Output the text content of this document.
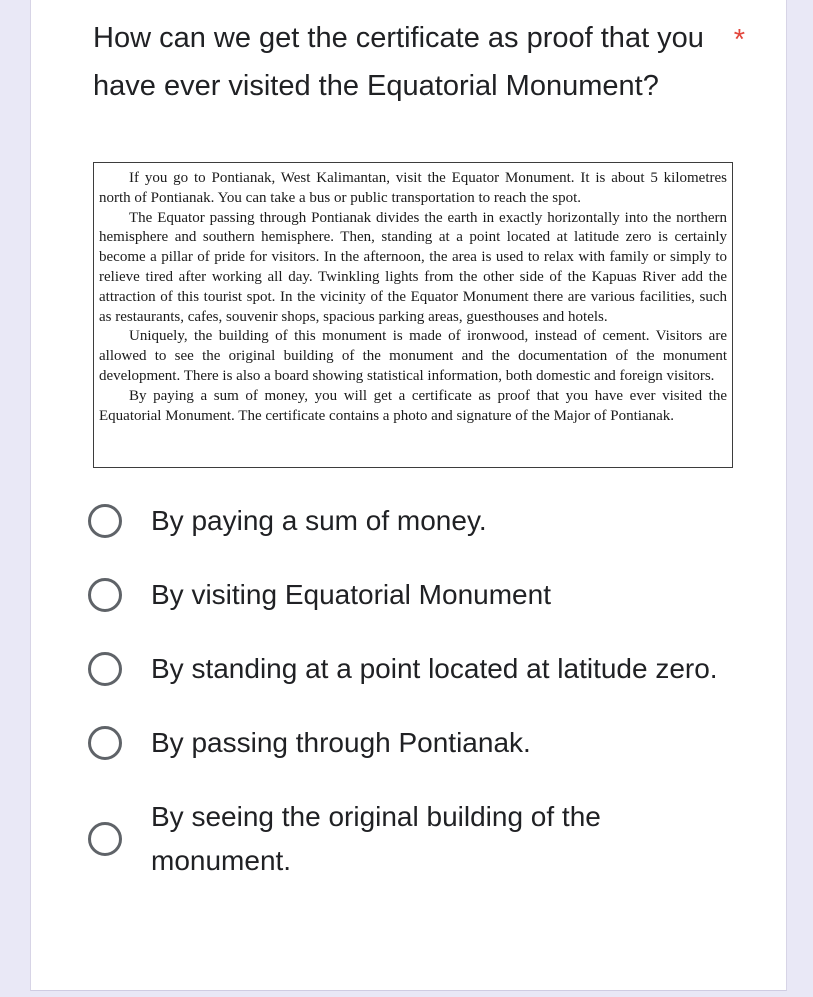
How can we get the certificate as proof that you have ever visited the Equatorial Monument?
*

If you go to Pontianak, West Kalimantan, visit the Equator Monument. It is about 5 kilometres north of Pontianak. You can take a bus or public transportation to reach the spot.

The Equator passing through Pontianak divides the earth in exactly horizontally into the northern hemisphere and southern hemisphere. Then, standing at a point located at latitude zero is certainly become a pillar of pride for visitors. In the afternoon, the area is used to relax with family or simply to relieve tired after working all day. Twinkling lights from the other side of the Kapuas River add the attraction of this tourist spot. In the vicinity of the Equator Monument there are various facilities, such as restaurants, cafes, souvenir shops, spacious parking areas, guesthouses and hotels.

Uniquely, the building of this monument is made of ironwood, instead of cement. Visitors are allowed to see the original building of the monument and the documentation of the monument development. There is also a board showing statistical information, both domestic and foreign visitors.

By paying a sum of money, you will get a certificate as proof that you have ever visited the Equatorial Monument. The certificate contains a photo and signature of the Major of Pontianak.

By paying a sum of money.
By visiting Equatorial Monument
By standing at a point located at latitude zero.
By passing through Pontianak.
By seeing the original building of the monument.
